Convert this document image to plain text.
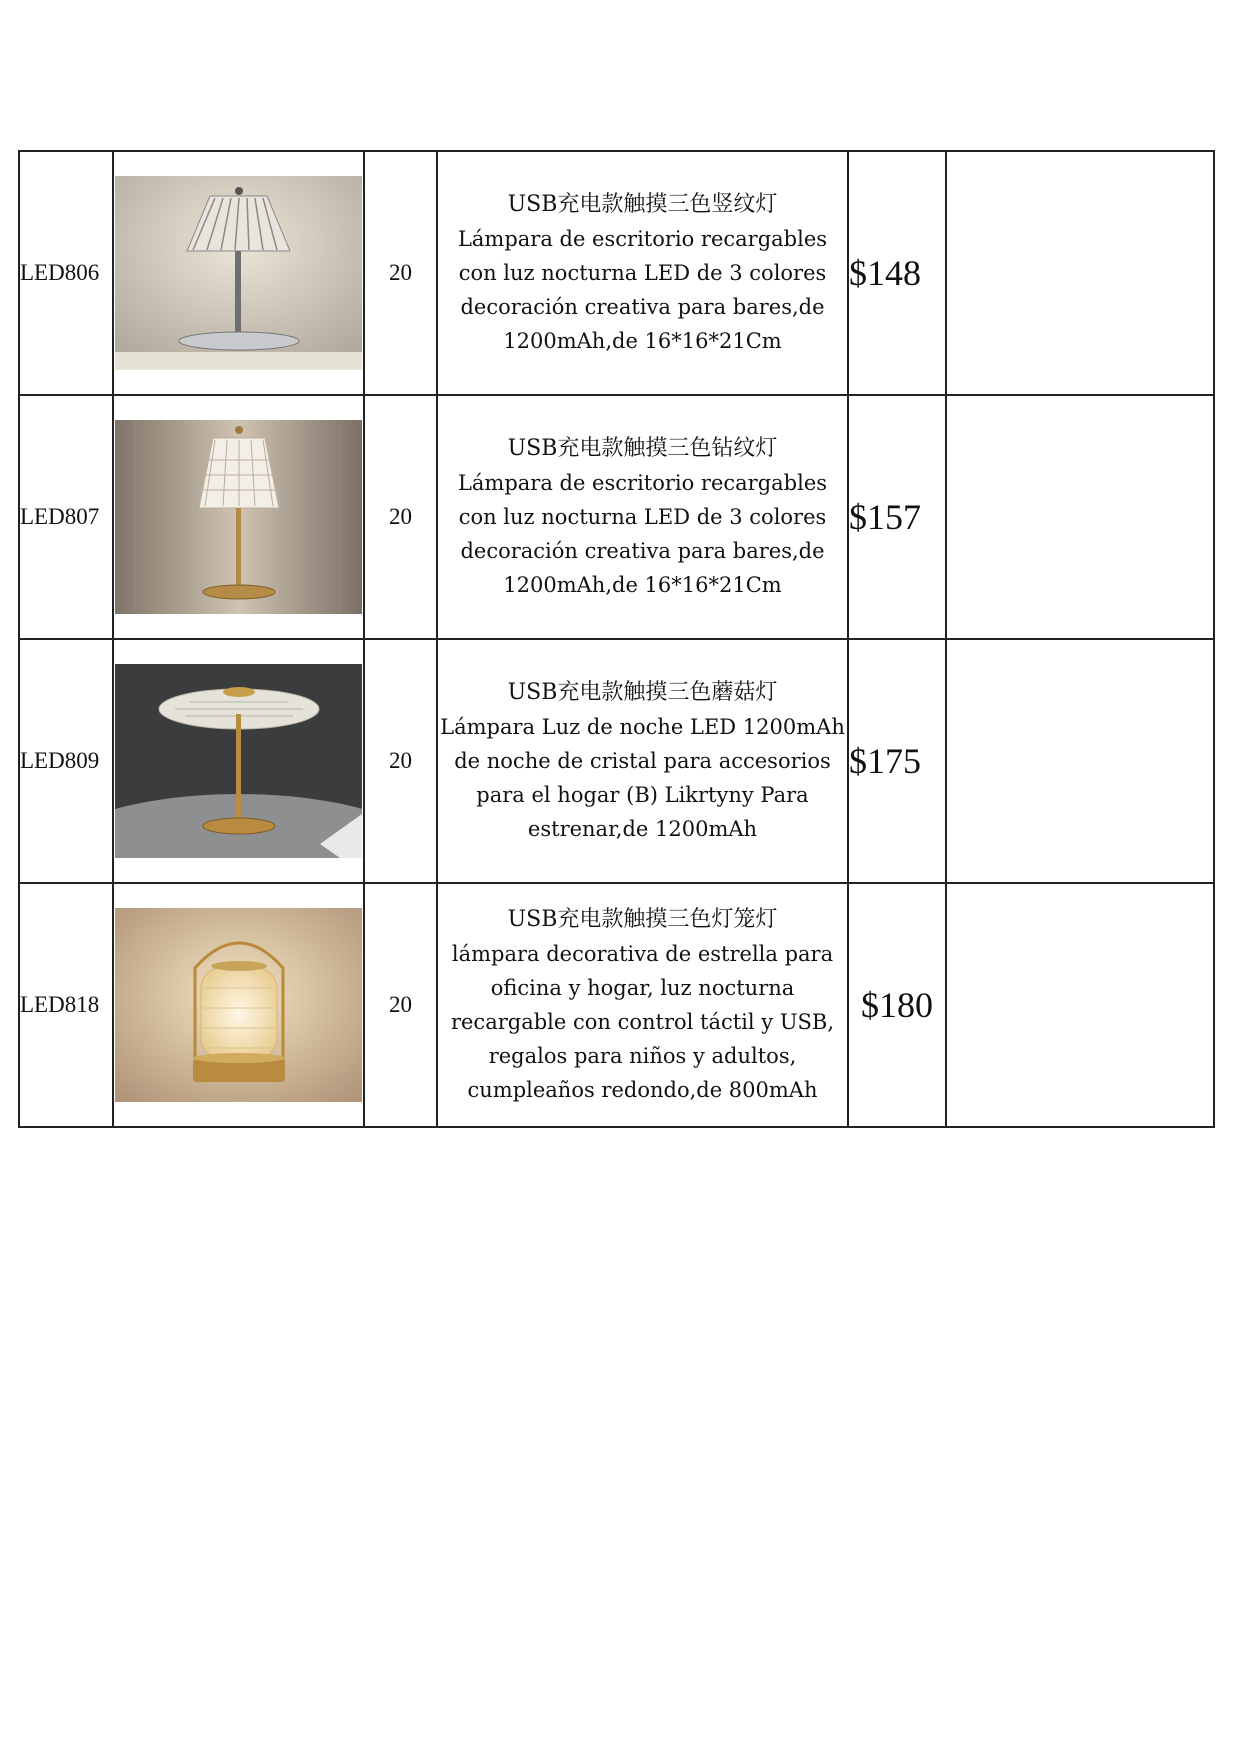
LED806		20	USB充电款触摸三色竖纹灯
Lámpara de escritorio recargables con luz nocturna LED de 3 colores decoración creativa para bares,de 1200mAh,de 16*16*21Cm	$148	
LED807		20	USB充电款触摸三色钻纹灯
Lámpara de escritorio recargables con luz nocturna LED de 3 colores decoración creativa para bares,de 1200mAh,de 16*16*21Cm	$157	
LED809		20	USB充电款触摸三色蘑菇灯
Lámpara Luz de noche LED 1200mAh de noche de cristal para accesorios para el hogar (B) Likrtyny Para estrenar,de 1200mAh	$175	
LED818		20	USB充电款触摸三色灯笼灯
lámpara decorativa de estrella para oficina y hogar, luz nocturna recargable con control táctil y USB, regalos para niños y adultos, cumpleaños redondo,de 800mAh	$180	
